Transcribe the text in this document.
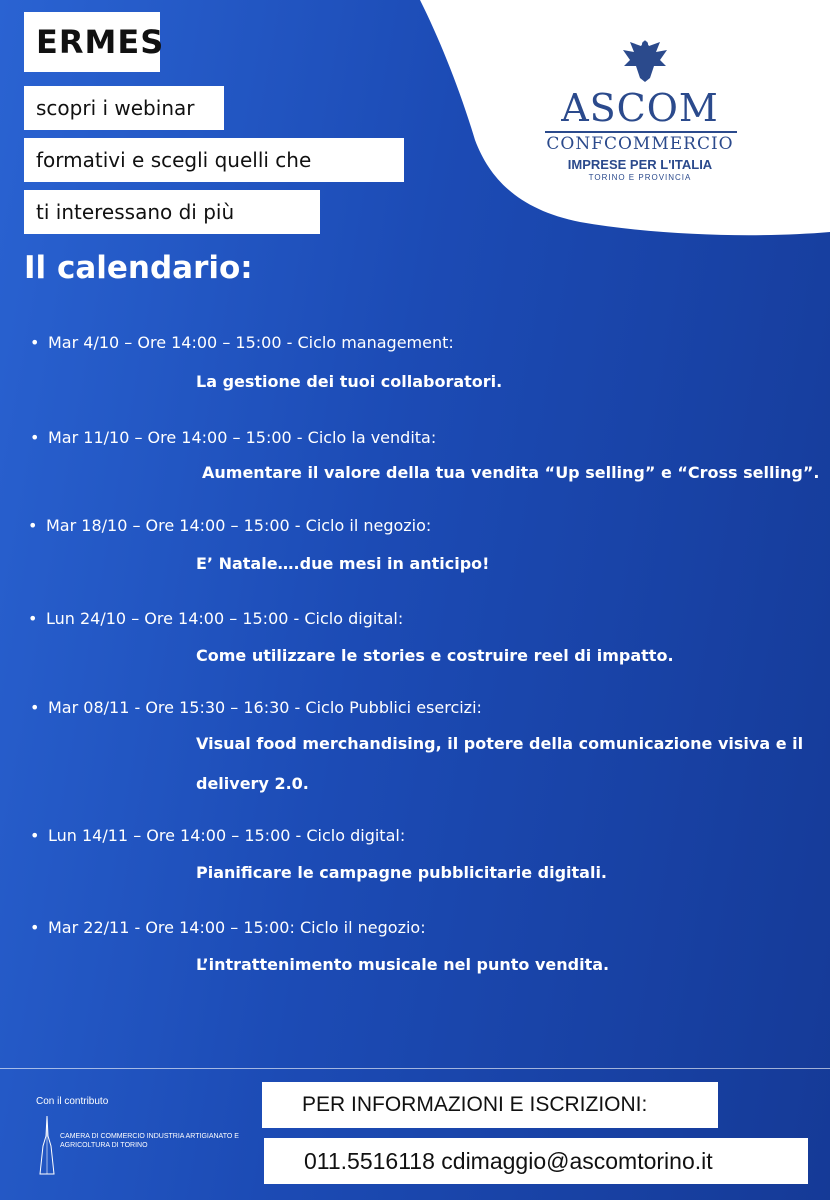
ERMES
scopri i webinar
formativi e scegli quelli che
ti interessano di più
Il calendario:
ASCOM
CONFCOMMERCIO
IMPRESE PER L'ITALIA
TORINO E PROVINCIA
• Mar 4/10 – Ore 14:00 – 15:00 - Ciclo management:
La gestione dei tuoi collaboratori.
• Mar 11/10 – Ore 14:00 – 15:00 - Ciclo la vendita:
Aumentare il valore della tua vendita “Up selling” e “Cross selling”.
• Mar 18/10 – Ore 14:00 – 15:00 - Ciclo il negozio:
E’ Natale….due mesi in anticipo!
• Lun 24/10 – Ore 14:00 – 15:00 - Ciclo digital:
Come utilizzare le stories e costruire reel di impatto.
• Mar 08/11 - Ore 15:30 – 16:30 - Ciclo Pubblici esercizi:
Visual food merchandising, il potere della comunicazione visiva e il
delivery 2.0.
• Lun 14/11 – Ore 14:00 – 15:00 - Ciclo digital:
Pianificare le campagne pubblicitarie digitali.
• Mar 22/11 - Ore 14:00 – 15:00: Ciclo il negozio:
L’intrattenimento musicale nel punto vendita.
Con il contributo
CAMERA DI COMMERCIO INDUSTRIA ARTIGIANATO E AGRICOLTURA DI TORINO
PER INFORMAZIONI E ISCRIZIONI:
011.5516118 cdimaggio@ascomtorino.it
